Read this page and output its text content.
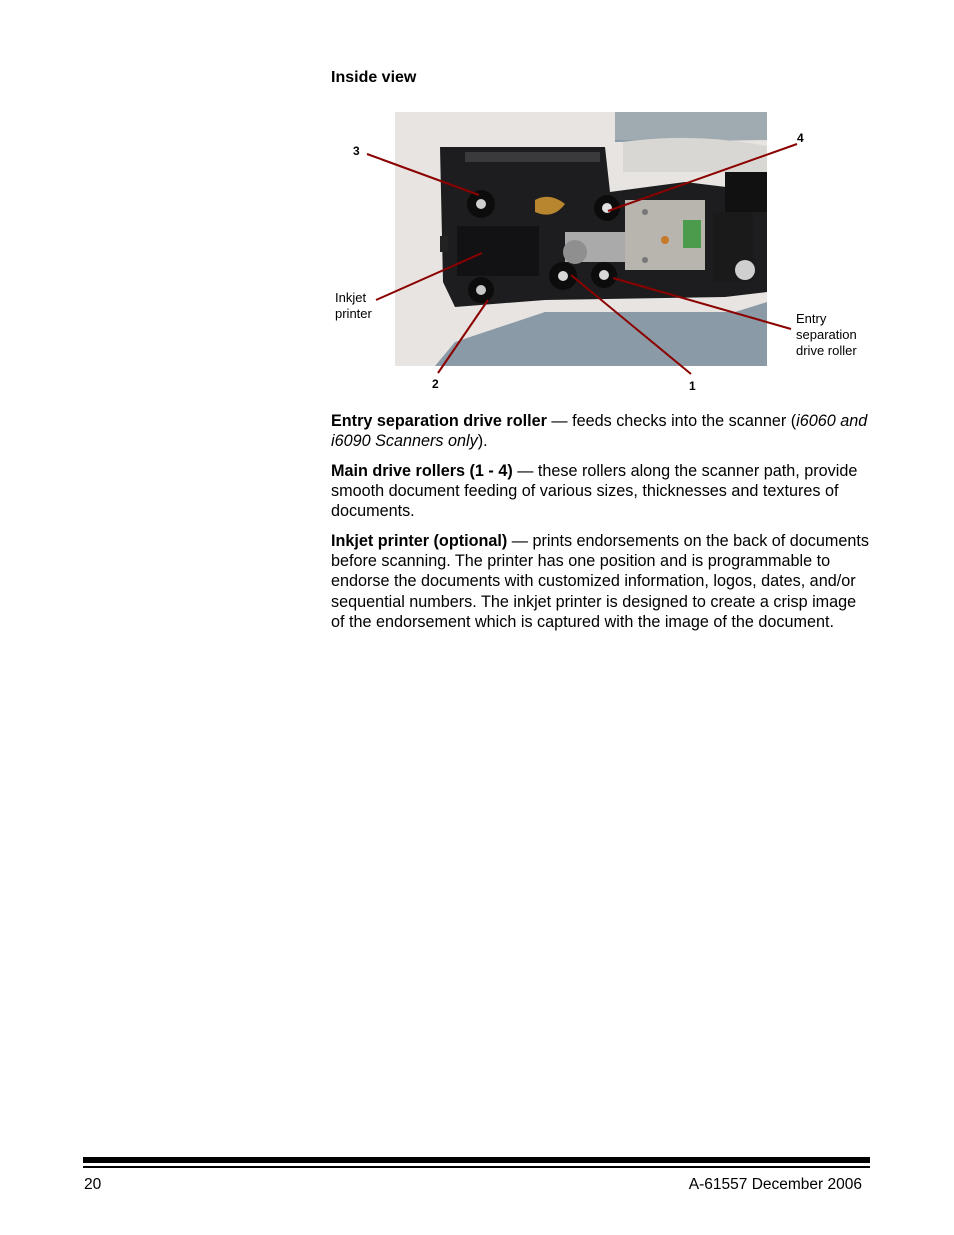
Inside view
3
4
Inkjet
printer	Entry
separation
drive roller
2	1
Entry separation drive roller — feeds checks into the scanner (i6060 and i6090 Scanners only).
Main drive rollers (1 - 4) — these rollers along the scanner path, provide smooth document feeding of various sizes, thicknesses and textures of documents.
Inkjet printer (optional) — prints endorsements on the back of documents before scanning. The printer has one position and is programmable to endorse the documents with customized information, logos, dates, and/or sequential numbers. The inkjet printer is designed to create a crisp image of the endorsement which is captured with the image of the document.
20	A-61557 December 2006
